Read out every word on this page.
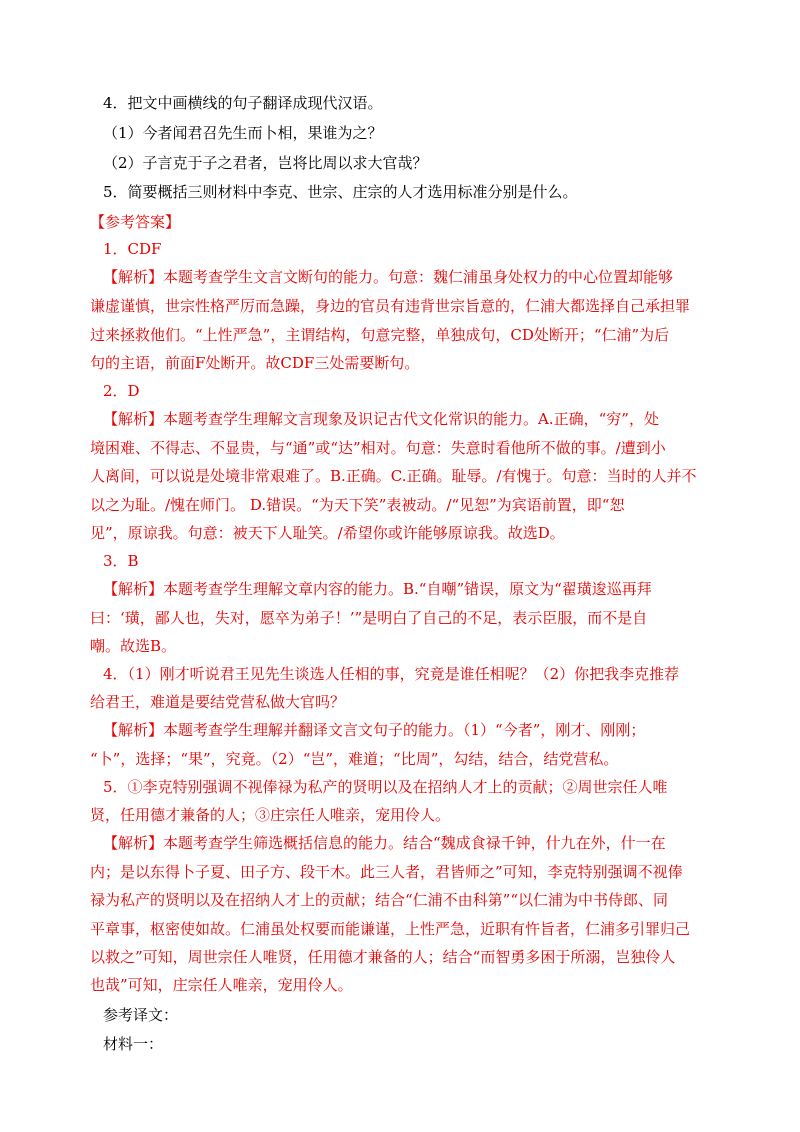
4．把文中画横线的句子翻译成现代汉语。

（1）今者闻君召先生而卜相，果谁为之？

（2）子言克于子之君者，岂将比周以求大官哉？

5．简要概括三则材料中李克、世宗、庄宗的人才选用标准分别是什么。

【参考答案】

1．CDF

【解析】本题考查学生文言文断句的能力。句意：魏仁浦虽身处权力的中心位置却能够

谦虚谨慎，世宗性格严厉而急躁，身边的官员有违背世宗旨意的，仁浦大都选择自己承担罪

过来拯救他们。“上性严急”，主谓结构，句意完整，单独成句，CD处断开；“仁浦”为后

句的主语，前面F处断开。故CDF三处需要断句。

2．D

【解析】本题考查学生理解文言现象及识记古代文化常识的能力。A.正确，“穷”，处

境困难、不得志、不显贵，与“通”或“达”相对。句意：失意时看他所不做的事。/遭到小

人离间，可以说是处境非常艰难了。B.正确。C.正确。耻辱。/有愧于。句意：当时的人并不

以之为耻。/愧在师门。 D.错误。“为天下笑”表被动。/“见恕”为宾语前置，即“恕

见”，原谅我。句意：被天下人耻笑。/希望你或许能够原谅我。故选D。

3．B

【解析】本题考查学生理解文章内容的能力。B.“自嘲”错误，原文为“翟璜逡巡再拜

曰：‘璜，鄙人也，失对，愿卒为弟子！’”是明白了自己的不足，表示臣服，而不是自

嘲。故选B。

4．（1）刚才听说君王见先生谈选人任相的事，究竟是谁任相呢？（2）你把我李克推荐

给君王，难道是要结党营私做大官吗？

【解析】本题考查学生理解并翻译文言文句子的能力。（1）“今者”，刚才、刚刚；

“卜”，选择；“果”，究竟。（2）“岂”，难道；“比周”，勾结，结合，结党营私。

5．①李克特别强调不视俸禄为私产的贤明以及在招纳人才上的贡献；②周世宗任人唯

贤，任用德才兼备的人；③庄宗任人唯亲，宠用伶人。

【解析】本题考查学生筛选概括信息的能力。结合“魏成食禄千钟，什九在外，什一在

内；是以东得卜子夏、田子方、段干木。此三人者，君皆师之”可知，李克特别强调不视俸

禄为私产的贤明以及在招纳人才上的贡献；结合“仁浦不由科第”“以仁浦为中书侍郎、同

平章事，枢密使如故。仁浦虽处权要而能谦谨，上性严急，近职有忤旨者，仁浦多引罪归己

以救之”可知，周世宗任人唯贤，任用德才兼备的人；结合“而智勇多困于所溺，岂独伶人

也哉”可知，庄宗任人唯亲，宠用伶人。

参考译文：

材料一：
